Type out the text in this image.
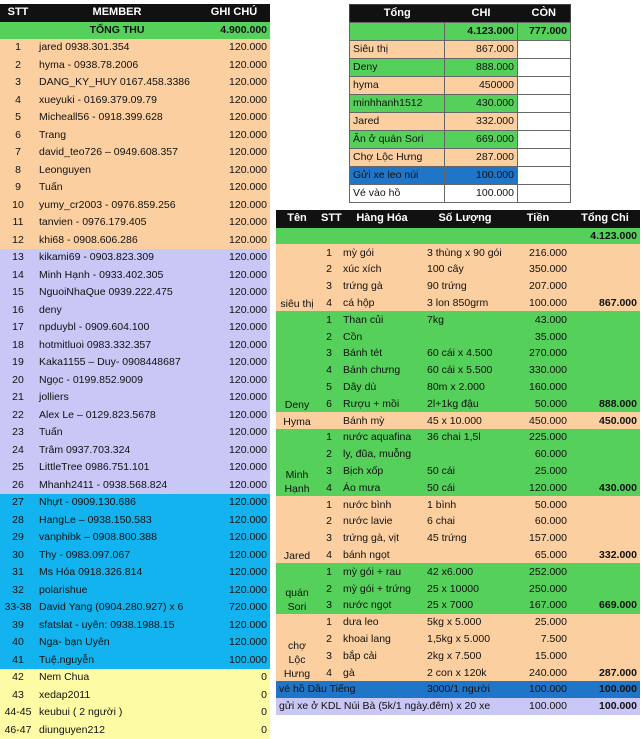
STT	MEMBER	GHI CHÚ
	TỔNG THU	4.900.000
1	jared 0938.301.354	120.000
2	hyma - 0938.78.2006	120.000
3	DANG_KY_HUY 0167.458.3386	120.000
4	xueyuki - 0169.379.09.79	120.000
5	Micheall56 - 0918.399.628	120.000
6	Trang	120.000
7	david_teo726 – 0949.608.357	120.000
8	Leonguyen	120.000
9	Tuấn	120.000
10	yumy_cr2003 - 0976.859.256	120.000
11	tanvien - 0976.179.405	120.000
12	khi68 - 0908.606.286	120.000
13	kikami69 - 0903.823.309	120.000
14	Minh Hạnh - 0933.402.305	120.000
15	NguoiNhaQue 0939.222.475	120.000
16	deny	120.000
17	npduybl - 0909.604.100	120.000
18	hotmitluoi 0983.332.357	120.000
19	Kaka1155 – Duy- 0908448687	120.000
20	Ngọc - 0199.852.9009	120.000
21	jolliers	120.000
22	Alex Le – 0129.823.5678	120.000
23	Tuấn	120.000
24	Trâm 0937.703.324	120.000
25	LittleTree 0986.751.101	120.000
26	Mhanh2411 - 0938.568.824	120.000
27	Nhựt - 0909.130.686	120.000
28	HangLe – 0938.150.583	120.000
29	vanphibk – 0908.800.388	120.000
30	Thy - 0983.097.067	120.000
31	Ms Hóa 0918.326.814	120.000
32	polarishue	120.000
33-38	David Yang (0904.280.927) x 6	720.000
39	sfatslat - uyên: 0938.1988.15	120.000
40	Nga- bạn Uyên	120.000
41	Tuệ.nguyễn	100.000
42	Nem Chua	0
43	xedap2011	0
44-45	keubui ( 2 người )	0
46-47	diunguyen212	0
Tổng	CHI	CÒN
	4.123.000	777.000
Siêu thị	867.000	
Deny	888.000	
hyma	450000	
minhhanh1512	430.000	
Jared	332.000	
Ăn ở quán Sori	669.000	
Chợ Lộc Hưng	287.000	
Gửi xe leo núi	100.000	
Vé vào hồ	100.000	
Tên	STT	Hàng Hóa	Số Lượng	Tiền	Tổng Chi
					4.123.000
siêu thị	1	mỳ gói	3 thùng x 90 gói	216.000	
	2	xúc xích	100 cây	350.000	
	3	trứng gà	90 trứng	207.000	
	4	cá hộp	3 lon 850grm	100.000	867.000
Deny	1	Than củi	7kg	43.000	
	2	Cồn		35.000	
	3	Bánh tét	60 cái x 4.500	270.000	
	4	Bánh chưng	60 cái x 5.500	330.000	
	5	Dây dù	80m x 2.000	160.000	
	6	Rượu + mồi	2l+1kg đậu	50.000	888.000
Hyma		Bánh mỳ	45 x 10.000	450.000	450.000
Minh Hạnh	1	nước aquafina	36 chai 1,5l	225.000	
	2	ly, đũa, muỗng		60.000	
	3	Bịch xốp	50 cái	25.000	
	4	Áo mưa	50 cái	120.000	430.000
Jared	1	nước bình	1 bình	50.000	
	2	nước lavie	6 chai	60.000	
	3	trứng gà, vịt	45 trứng	157.000	
	4	bánh ngọt		65.000	332.000
quán Sori	1	mỳ gói + rau	42 x6.000	252.000	
	2	mỳ gói + trứng	25 x 10000	250.000	
	3	nước ngọt	25 x 7000	167.000	669.000
chợ Lộc Hưng	1	dưa leo	5kg x 5.000	25.000	
	2	khoai lang	1,5kg x 5.000	7.500	
	3	bắp cải	2kg x 7.500	15.000	
	4	gà	2 con x 120k	240.000	287.000
vé hồ Dầu Tiếng			3000/1 người	100.000	100.000
gửi xe ở KDL Núi Bà (5k/1 ngày.đêm) x 20 xe				100.000	100.000
